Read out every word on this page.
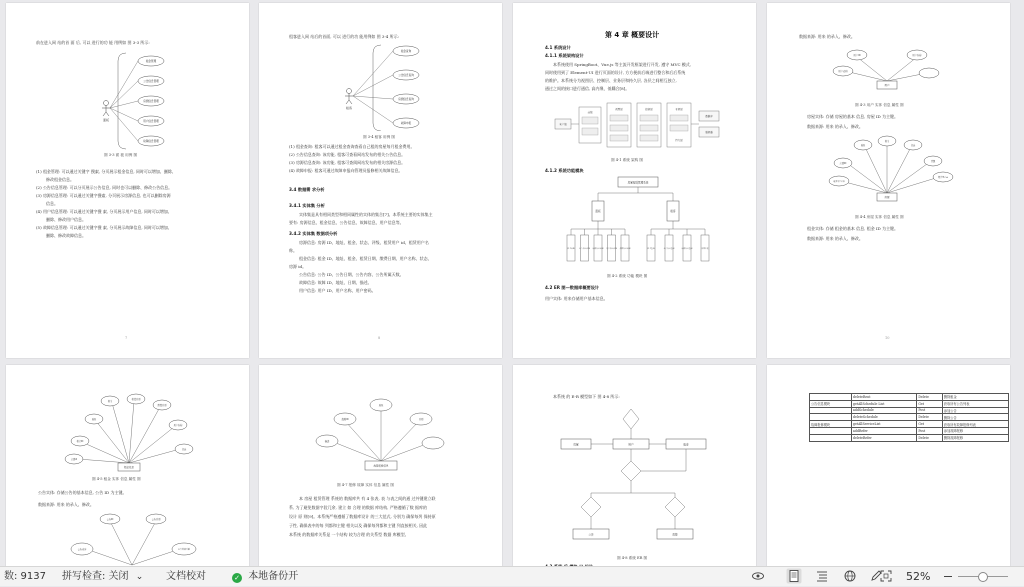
前在进入网 站的首 面 后, 可以 进行的功 能 用例如 图 3-3 所示:
面板
租金管理
公告信息管理
房源信息管理
用户信息管理
故障信息管理
图 3-3 面 板 用例 图
(1) 租金管理: 可以通过关键字 搜索, 分页展示租金信息, 同时可以增加、删除、
修改租金信息。
(2) 公告信息管理: 可以分页展示公告信息, 同时也可以删除、修改公告信息。
(3) 房源信息管理: 可以通过关键字搜索, 分页展示房源信息, 也可以删除房源
信息。
(4) 用户信息管理: 可以通过关键字搜 索, 分页展示用户信息, 同时可以增加、
删除、修改用户信息。
(5) 故障信息管理: 可以通过关键字搜 索, 分页展示故障信息, 同时可以增加、
删除、修改故障信息。
7
租客进入网 站后的首面, 可以 进行的功 能用例如 图 3-4 所示:
租客
租金查询
公告信息查询
房源信息查询
故障申报
图 3-4 租客 用例 图
(1) 租金查询: 租客可以通过租金查询查看自己租的房屋每月租金费用。
(2) 公告信息查询: 该功能, 租客可查看网站发布的相关公告信息。
(3) 房源信息查询: 该功能, 租客可查阅网站发布的相关房源信息。
(4) 故障申报: 租客可通过故障申报向管理员报修相关故障信息。
3.4 数据需 求分析
3.4.1 实体集 分析
实体集是具有相同类型和相同属性的实体的集合[7]。本系统主要的实体集主
要有: 房源信息、租金信息、公告信息、故障信息、用户信息等。
3.4.2 实体集 数据项分析
房源信息: 房源 ID、地址、租金、状态、评级、租赁用户 id、租赁用户名
称。
租金信息: 租金 ID、地址、租金、租赁日期、缴费日期、用户名称、状态、
房源 id。
公告信息: 公告 ID、公告日期、公告内容、公告所属天数。
故障信息: 故障 ID、地址、日期、描述。
用户信息: 用户 ID、用户名称、用户密码。
8
第 4 章 概要设计
4.1 系统设计
4.1.1 系统架构设计
本系统使用 SpringBoot、Vue.js 等主流开发框架进行开发, 遵守 MVC 模式,
同时使用到了 Element-UI 进行页面的设计, 方方便前后端进行整合和后后系统
的维护。本系统分为视图层、控制层、业务层和持久层, 各层之间相互独立,
通过之间的接口进行通信, 高内聚、低耦合[8]。
客户端
前端
视图层	控制层	业务层
持久层
数据库
服务器
图 4-1 系统 架构 图
4.1.2 系统功能模块
房屋租赁管理系统
面板	租客
租金管理	公告信息管理 房源信息管理 用户信息管理 故障信息管理	租金查询	公告信息查询	房源信息查询	故障申报
图 4-2 系统 功能 模块 图
4.2 ER 图—数据库概要设计
用户实体: 用来存储用户基本信息。
数据来源: 用来 的录入、修改。
用户ID	用户名称
用户密码
用户
图 4-3 用户 实体 信息 属性 图
房屋实体: 存储 房屋的基本 信息, 房屋 ID 为主键。
数据来源: 用来 的录入、修改。
房源ID
地址
租金
状态
评级
租赁用户id
租赁用户名称
房屋
图 4-4 房屋 实体 信息 属性 图
租金实体: 存储 租金的基本 信息, 租金 ID 为主键。
数据来源: 用来 的录入、修改。
10
租金ID
地址
租金
租赁日期
缴费日期
用户名称
状态
房源id
租金信息
图 4-5 租金 实体 信息 属性 图
公告实体: 存储公告的基本信息, 公告 ID 为主键。
数据来源: 用来 的录入、修改。
公告ID	公告日期
公告内容	公告所属天数
故障ID
地址
日期
描述
故障报修信息
图 4-7 报修 故障 实体 信息 属性 图
本 房屋 租赁管理 系统的 数据库共 有 4 张表, 表 与表之间的通 过外键建立联
系, 为了避免数据字段冗余, 建立 如 合理 的数据 库结构, 严格遵循了数 据库的
设计 原 则[9]。本系统严格遵循了数据库设计 的三大范式, 分别为 确保每列 保持原
子性, 确保表中的每 列都和主键 相关以及 确保每列都和主键 列直接相关, 因此
本系统 的数据库关系是 一个结构 较为合理 的关系型 数据 库模型。
本系统 的 E-R 模型如下 图 4-8 所示:
用户
房屋	租金
公告	故障
图 4-8 系统 ER 图
	deleteRent	Delete	删除租金
公告信息模块	getAllSchedule List	Get	获取所有公告列表
	addSchedule	Post	添加公告
	deleteSchedule	Delete	删除公告
故障报修模块	getAllServiceList	Get	获取所有故障报修列表
	addRefer	Post	添加故障报修
	deleteRefer	Delete	删除故障报修
数: 9137 拼写检查: 关闭 ⌄ 文档校对	✓ 本地备份开	52%
